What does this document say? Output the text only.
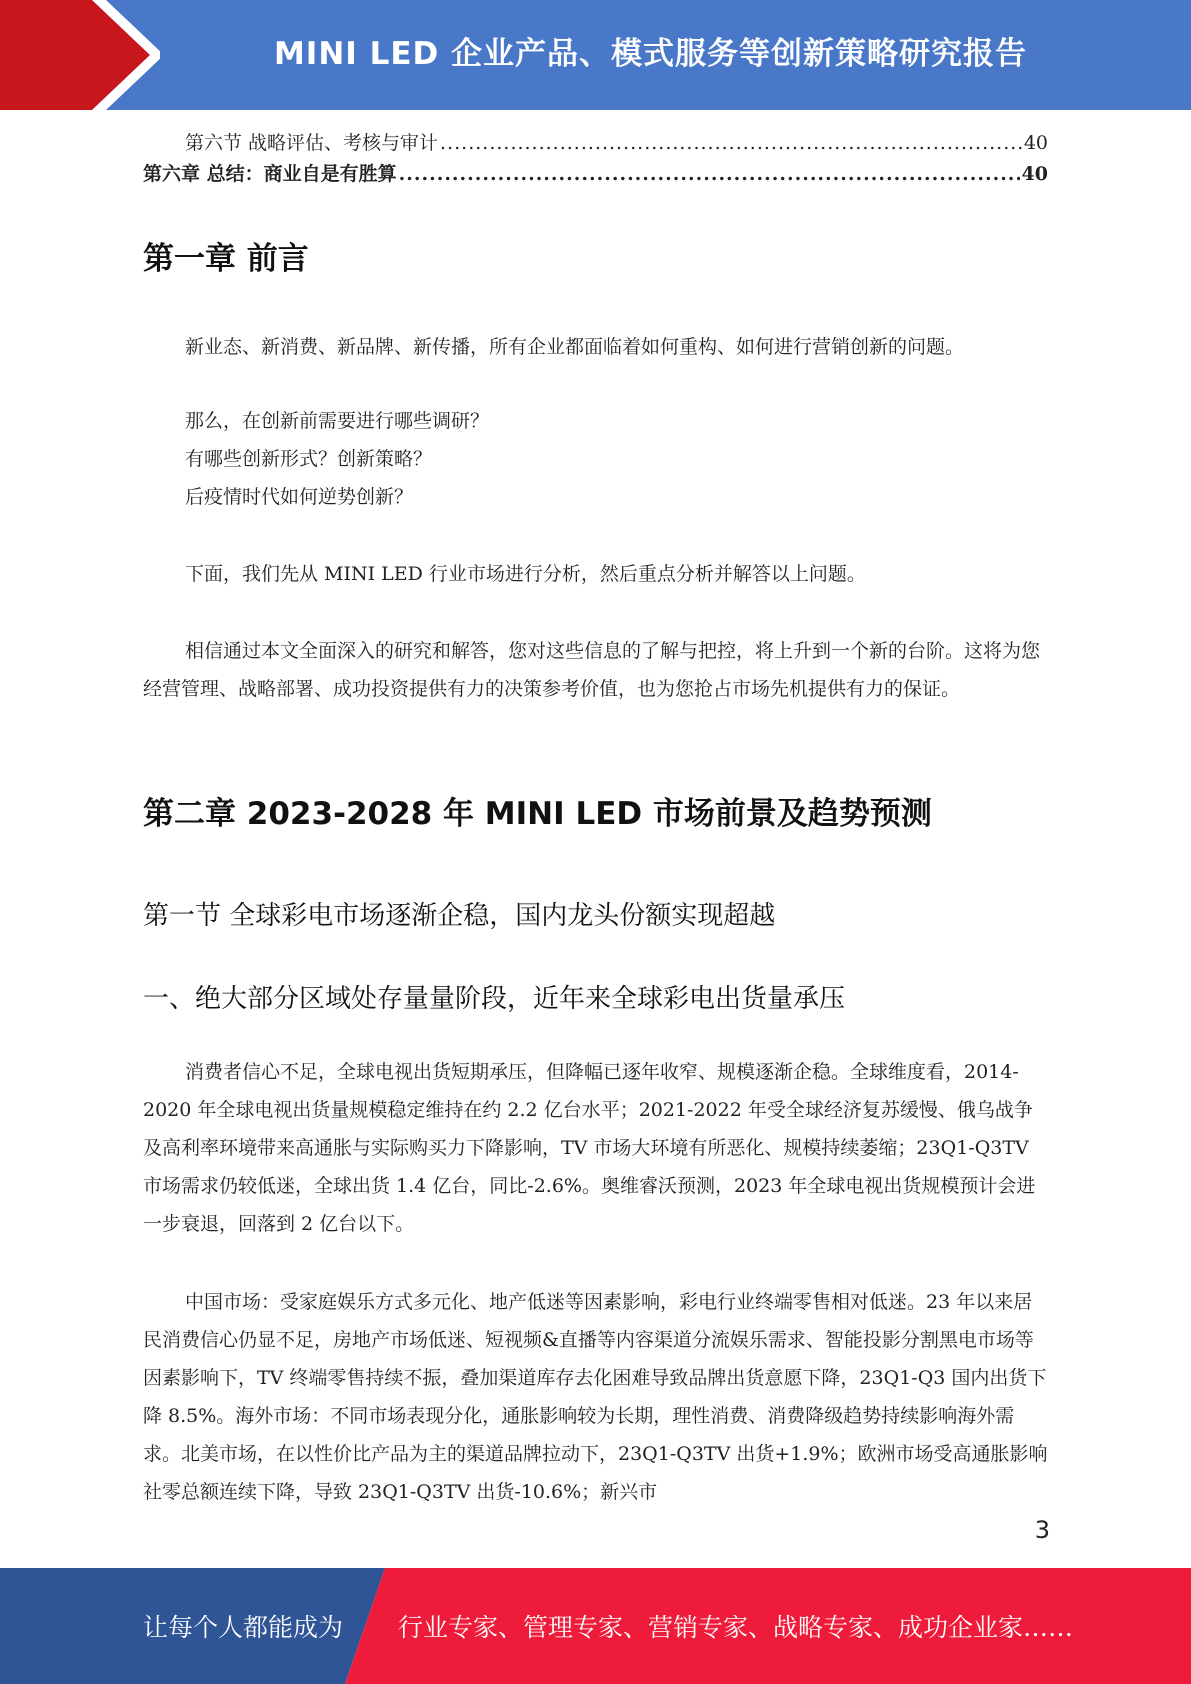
MINI LED 企业产品、模式服务等创新策略研究报告
第六节 战略评估、考核与审计 .....	40
第六章 总结：商业自是有胜算 .....	40
第一章 前言

新业态、新消费、新品牌、新传播，所有企业都面临着如何重构、如何进行营销创新的问题。

那么，在创新前需要进行哪些调研？
有哪些创新形式？创新策略？
后疫情时代如何逆势创新？

下面，我们先从 MINI LED 行业市场进行分析，然后重点分析并解答以上问题。

相信通过本文全面深入的研究和解答，您对这些信息的了解与把控，将上升到一个新的台阶。这将为您经营管理、战略部署、成功投资提供有力的决策参考价值，也为您抢占市场先机提供有力的保证。

第二章 2023-2028 年 MINI LED 市场前景及趋势预测
第一节 全球彩电市场逐渐企稳，国内龙头份额实现超越
一、绝大部分区域处存量量阶段，近年来全球彩电出货量承压

消费者信心不足，全球电视出货短期承压，但降幅已逐年收窄、规模逐渐企稳。全球维度看，2014-2020 年全球电视出货量规模稳定维持在约 2.2 亿台水平；2021-2022 年受全球经济复苏缓慢、俄乌战争及高利率环境带来高通胀与实际购买力下降影响，TV 市场大环境有所恶化、规模持续萎缩；23Q1-Q3TV 市场需求仍较低迷，全球出货 1.4 亿台，同比-2.6%。奥维睿沃预测，2023 年全球电视出货规模预计会进一步衰退，回落到 2 亿台以下。

中国市场：受家庭娱乐方式多元化、地产低迷等因素影响，彩电行业终端零售相对低迷。23 年以来居民消费信心仍显不足，房地产市场低迷、短视频&直播等内容渠道分流娱乐需求、智能投影分割黑电市场等因素影响下，TV 终端零售持续不振，叠加渠道库存去化困难导致品牌出货意愿下降，23Q1-Q3 国内出货下降 8.5%。海外市场：不同市场表现分化，通胀影响较为长期，理性消费、消费降级趋势持续影响海外需求。北美市场，在以性价比产品为主的渠道品牌拉动下，23Q1-Q3TV 出货+1.9%；欧洲市场受高通胀影响社零总额连续下降，导致 23Q1-Q3TV 出货-10.6%；新兴市

3
让每个人都能成为 行业专家、管理专家、营销专家、战略专家、成功企业家……
